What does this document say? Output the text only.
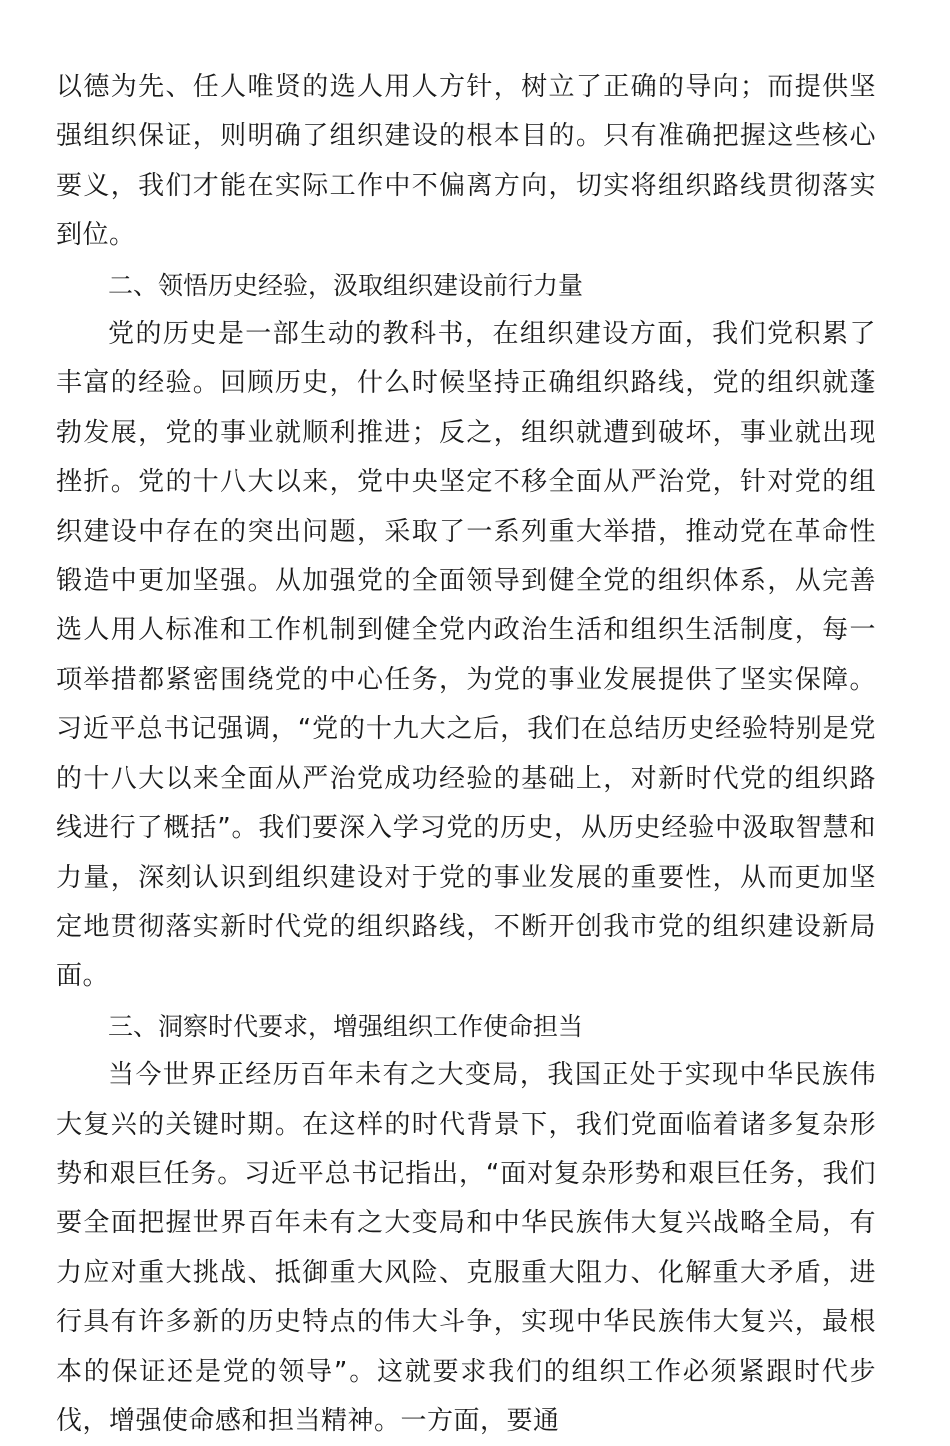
以德为先、任人唯贤的选人用人方针，树立了正确的导向；而提供坚强组织保证，则明确了组织建设的根本目的。只有准确把握这些核心要义，我们才能在实际工作中不偏离方向，切实将组织路线贯彻落实到位。

二、领悟历史经验，汲取组织建设前行力量

党的历史是一部生动的教科书，在组织建设方面，我们党积累了丰富的经验。回顾历史，什么时候坚持正确组织路线，党的组织就蓬勃发展，党的事业就顺利推进；反之，组织就遭到破坏，事业就出现挫折。党的十八大以来，党中央坚定不移全面从严治党，针对党的组织建设中存在的突出问题，采取了一系列重大举措，推动党在革命性锻造中更加坚强。从加强党的全面领导到健全党的组织体系，从完善选人用人标准和工作机制到健全党内政治生活和组织生活制度，每一项举措都紧密围绕党的中心任务，为党的事业发展提供了坚实保障。习近平总书记强调，“党的十九大之后，我们在总结历史经验特别是党的十八大以来全面从严治党成功经验的基础上，对新时代党的组织路线进行了概括”。我们要深入学习党的历史，从历史经验中汲取智慧和力量，深刻认识到组织建设对于党的事业发展的重要性，从而更加坚定地贯彻落实新时代党的组织路线，不断开创我市党的组织建设新局面。

三、洞察时代要求，增强组织工作使命担当

当今世界正经历百年未有之大变局，我国正处于实现中华民族伟大复兴的关键时期。在这样的时代背景下，我们党面临着诸多复杂形势和艰巨任务。习近平总书记指出，“面对复杂形势和艰巨任务，我们要全面把握世界百年未有之大变局和中华民族伟大复兴战略全局，有力应对重大挑战、抵御重大风险、克服重大阻力、化解重大矛盾，进行具有许多新的历史特点的伟大斗争，实现中华民族伟大复兴，最根本的保证还是党的领导”。这就要求我们的组织工作必须紧跟时代步伐，增强使命感和担当精神。一方面，要通
